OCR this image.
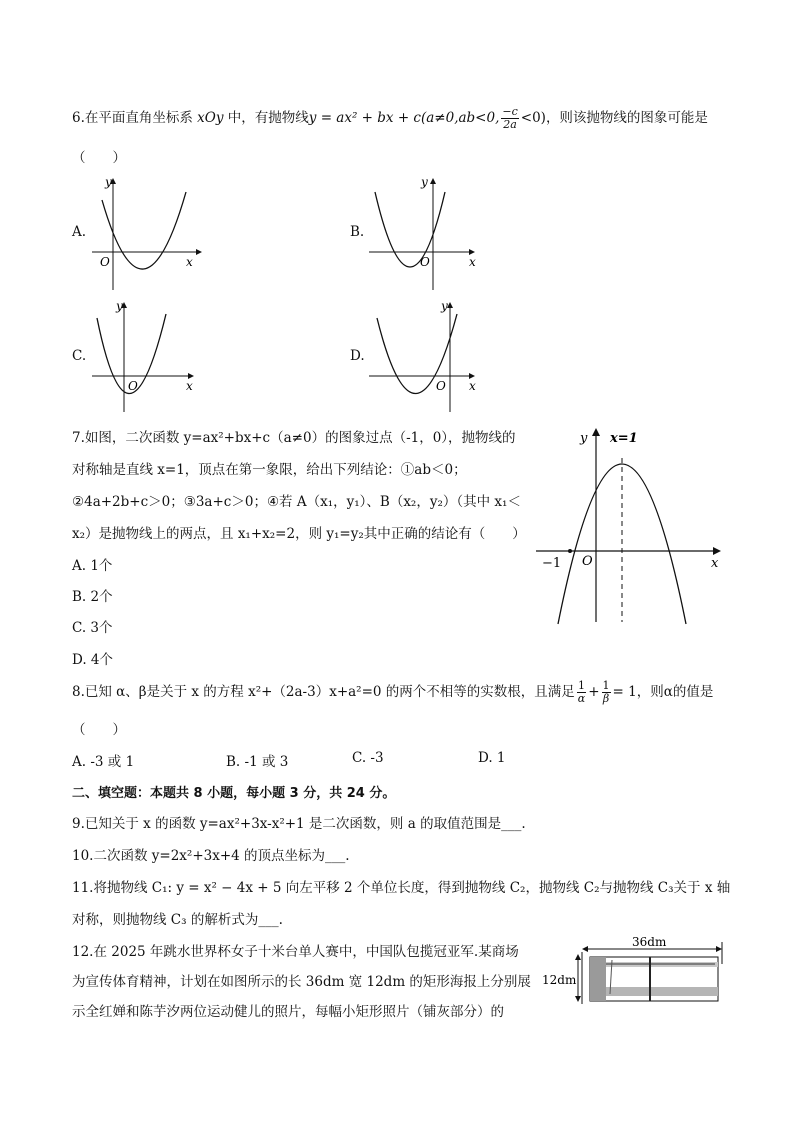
6.在平面直角坐标系 xOy 中，有抛物线y = ax² + bx + c(a≠0,ab<0, $\frac{-c}{2a} <0$)，则该抛物线的图象可能是
（　　）
A.
y
x
O
B.
y
x
O
C.
y
x
O
D.
y
x
O
7.如图，二次函数 y=ax²+bx+c（a≠0）的图象过点（-1，0），抛物线的
对称轴是直线 x=1，顶点在第一象限，给出下列结论：①ab＜0；
②4a+2b+c＞0；③3a+c＞0；④若 A（x₁，y₁）、B（x₂，y₂）（其中 x₁＜
x₂）是抛物线上的两点，且 x₁+x₂=2，则 y₁=y₂其中正确的结论有（　　）
A. 1个
B. 2个
C. 3个
D. 4个
y x=1
x
O
−1
8.已知 α、β是关于 x 的方程 x²+（2a-3）x+a²=0 的两个不相等的实数根，且满足 $\frac{1}{\alpha} + \frac{1}{\beta} = 1$，则α的值是
（　　）
A. -3 或 1	B. -1 或 3	C. -3	D. 1
二、填空题：本题共 8 小题，每小题 3 分，共 24 分。
9.已知关于 x 的函数 y=ax²+3x-x²+1 是二次函数，则 a 的取值范围是___.
10.二次函数 y=2x²+3x+4 的顶点坐标为___.
11.将抛物线 C₁: y = x² − 4x + 5 向左平移 2 个单位长度，得到抛物线 C₂，抛物线 C₂与抛物线 C₃关于 x 轴
对称，则抛物线 C₃ 的解析式为___.
12.在 2025 年跳水世界杯女子十米台单人赛中，中国队包揽冠亚军.某商场
为宣传体育精神，计划在如图所示的长 36dm 宽 12dm 的矩形海报上分别展
示全红婵和陈芋汐两位运动健儿的照片，每幅小矩形照片（铺灰部分）的
36dm
12dm
